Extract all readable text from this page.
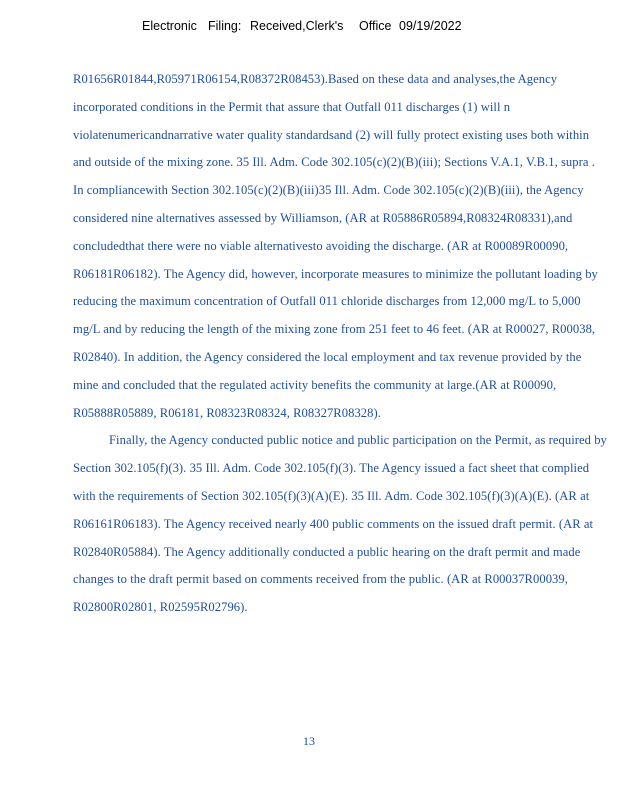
Electronic Filing: Received,Clerk's Office 09/19/2022

R01656R01844,R05971R06154,R08372R08453).Based on these data and analyses,the Agency incorporated conditions in the Permit that assure that Outfall 011 discharges (1) will n violatenumericandnarrative water quality standardsand (2) will fully protect existing uses both within and outside of the mixing zone. 35 Ill. Adm. Code 302.105(c)(2)(B)(iii); Sections V.A.1, V.B.1, supra . In compliancewith Section 302.105(c)(2)(B)(iii)35 Ill. Adm. Code 302.105(c)(2)(B)(iii), the Agency considered nine alternatives assessed by Williamson, (AR at R05886R05894,R08324R08331),and concludedthat there were no viable alternativesto avoiding the discharge. (AR at R00089R00090, R06181R06182). The Agency did, however, incorporate measures to minimize the pollutant loading by reducing the maximum concentration of Outfall 011 chloride discharges from 12,000 mg/L to 5,000 mg/L and by reducing the length of the mixing zone from 251 feet to 46 feet. (AR at R00027, R00038, R02840). In addition, the Agency considered the local employment and tax revenue provided by the mine and concluded that the regulated activity benefits the community at large.(AR at R00090, R05888R05889, R06181, R08323R08324, R08327R08328).

Finally, the Agency conducted public notice and public participation on the Permit, as required by Section 302.105(f)(3). 35 Ill. Adm. Code 302.105(f)(3). The Agency issued a fact sheet that complied with the requirements of Section 302.105(f)(3)(A)(E). 35 Ill. Adm. Code 302.105(f)(3)(A)(E). (AR at R06161R06183). The Agency received nearly 400 public comments on the issued draft permit. (AR at R02840R05884). The Agency additionally conducted a public hearing on the draft permit and made changes to the draft permit based on comments received from the public. (AR at R00037R00039, R02800R02801, R02595R02796).

13
